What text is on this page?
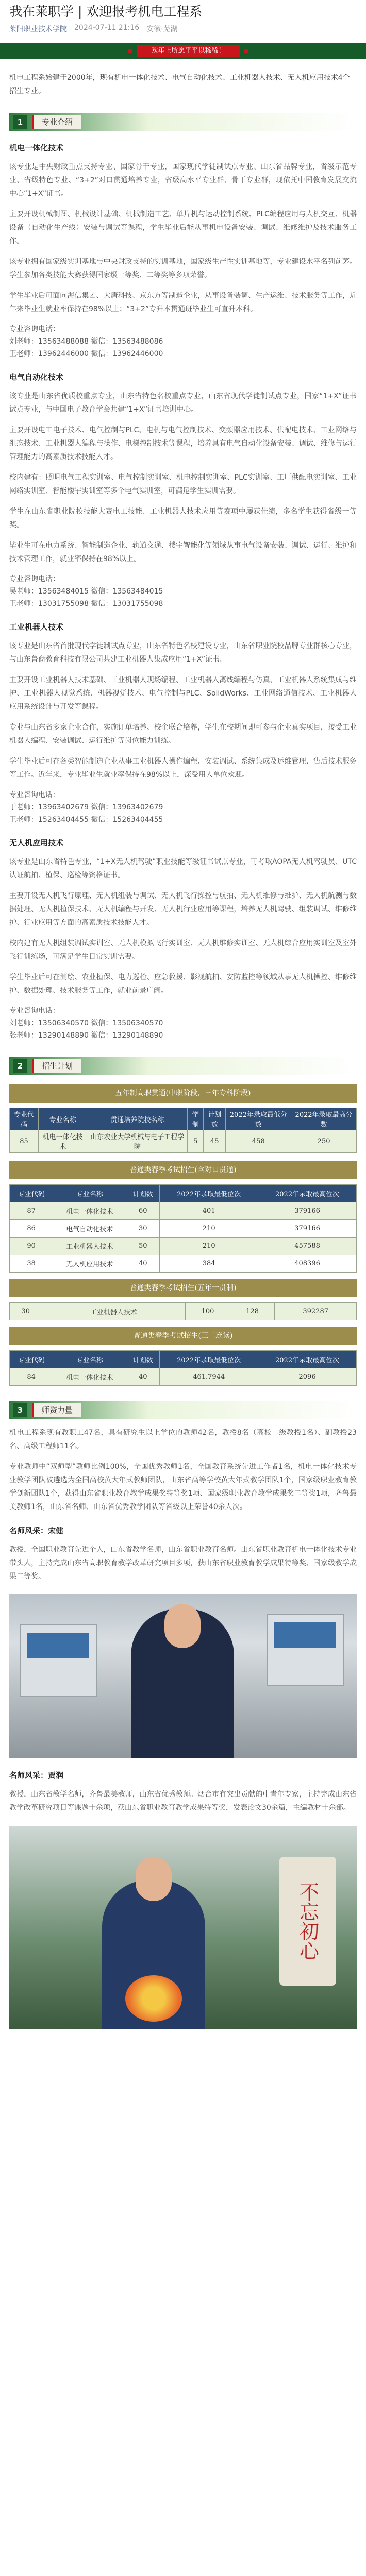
我在莱职学 | 欢迎报考机电工程系
莱阳职业技术学院 2024-07-11 21:16 安徽·芜湖
欢年上所愿平平以稀稀！

机电工程系始建于2000年，现有机电一体化技术、电气自动化技术、工业机器人技术、无人机应用技术4个招生专业。

1	专业介绍
机电一体化技术

该专业是中央财政重点支持专业、国家骨干专业，国家现代学徒制试点专业、山东省品牌专业，省级示范专业、省级特色专业、“3+2”对口贯通培养专业，省级高水平专业群、骨干专业群，现依托中国教育发展交流中心“1+X”证书。

主要开设机械制图、机械设计基础、机械制造工艺、单片机与运动控制系统、PLC编程应用与人机交互、机器设备（自动化生产线）安装与调试等课程，学生毕业后能从事机电设备安装、调试、维修维护及技术服务工作。

该专业拥有国家级实训基地与中央财政支持的实训基地，国家级生产性实训基地等，专业建设水平名列前茅。学生参加各类技能大赛获得国家级一等奖、二等奖等多项荣誉。

学生毕业后可面向海信集团、大唐科技、京东方等制造企业，从事设备装调、生产运维、技术服务等工作，近年来毕业生就业率保持在98%以上；“3+2”专升本贯通班毕业生可直升本科。

专业咨询电话：
刘老师：13563488088 微信：13563488086
王老师：13962446000 微信：13962446000
电气自动化技术

该专业是山东省优质校重点专业，山东省特色名校重点专业，山东省现代学徒制试点专业，国家“1+X”证书试点专业，与中国电子教育学会共建“1+X”证书培训中心。

主要开设电工电子技术、电气控制与PLC、电机与电气控制技术、变频器应用技术、供配电技术、工业网络与组态技术、工业机器人编程与操作、电梯控制技术等课程，培养具有电气自动化设备安装、调试、维修与运行管理能力的高素质技术技能人才。

校内建有：照明电气工程实训室、电气控制实训室、机电控制实训室、PLC实训室、工厂供配电实训室、工业网络实训室、智能楼宇实训室等多个电气实训室，可满足学生实训需要。

学生在山东省职业院校技能大赛电工技能、工业机器人技术应用等赛项中屡获佳绩，多名学生获得省级一等奖。

毕业生可在电力系统、智能制造企业、轨道交通、楼宇智能化等领域从事电气设备安装、调试、运行、维护和技术管理工作，就业率保持在98%以上。

专业咨询电话：
吴老师：13563484015 微信：13563484015
王老师：13031755098 微信：13031755098
工业机器人技术

该专业是山东省首批现代学徒制试点专业，山东省特色名校建设专业，山东省职业院校品牌专业群核心专业，与山东鲁商教育科技有限公司共建工业机器人集成应用“1+X”证书。

主要开设工业机器人技术基础、工业机器人现场编程、工业机器人离线编程与仿真、工业机器人系统集成与维护、工业机器人视觉系统、机器视觉技术、电气控制与PLC、SolidWorks、工业网络通信技术、工业机器人应用系统设计与开发等课程。

专业与山东省多家企业合作，实施订单培养、校企联合培养，学生在校期间即可参与企业真实项目，接受工业机器人编程、安装调试、运行维护等岗位能力训练。

学生毕业后可在各类智能制造企业从事工业机器人操作编程、安装调试、系统集成及运维管理、售后技术服务等工作。近年来，专业毕业生就业率保持在98%以上，深受用人单位欢迎。

专业咨询电话：
于老师：13963402679 微信：13963402679
王老师：15263404455 微信：15263404455
无人机应用技术

该专业是山东省特色专业，“1+X无人机驾驶”职业技能等级证书试点专业，可考取AOPA无人机驾驶员、UTC认证航拍、植保、巡检等资格证书。

主要开设无人机飞行原理、无人机组装与调试、无人机飞行操控与航拍、无人机维修与维护、无人机航测与数据处理、无人机植保技术、无人机编程与开发、无人机行业应用等课程，培养无人机驾驶、组装调试、维修维护、行业应用等方面的高素质技术技能人才。

校内建有无人机组装调试实训室、无人机模拟飞行实训室、无人机维修实训室、无人机综合应用实训室及室外飞行训练场，可满足学生日常实训需要。

学生毕业后可在测绘、农业植保、电力巡检、应急救援、影视航拍、安防监控等领域从事无人机操控、维修维护、数据处理、技术服务等工作，就业前景广阔。

专业咨询电话：
刘老师：13506340570 微信：13506340570
张老师：13290148890 微信：13290148890
2	招生计划
五年制高职贯通(中职阶段，三年专科阶段)
专业代码	专业名称	贯通培养院校名称	学制	计划数	2022年录取最低分数	2022年录取最高分数
85	机电一体化技术	山东农业大学机械与电子工程学院	5	45	458	250
普通类春季考试招生(含对口贯通)
专业代码	专业名称	计划数	2022年录取最低位次	2022年录取最高位次
87	机电一体化技术	60	401	379166
86	电气自动化技术	30	210	379166
90	工业机器人技术	50	210	457588
38	无人机应用技术	40	384	408396
普通类春季考试招生(五年一贯制)
30	工业机器人技术	100	128	392287
普通类春季考试招生(三二连读)
专业代码	专业名称	计划数	2022年录取最低位次	2022年录取最高位次
84	机电一体化技术	40	461.7944	2096
3	师资力量

机电工程系现有教职工47名，具有研究生以上学位的教师42名，教授8名（高校二级教授1名）、副教授23名、高级工程师11名。

专业教师中“双师型”教师比例100%，全国优秀教师1名，全国教育系统先进工作者1名，机电一体化技术专业教学团队被遴选为全国高校黄大年式教师团队，山东省高等学校黄大年式教学团队1个，国家级职业教育教学创新团队1个，获得山东省职业教育教学成果奖特等奖1项、国家级职业教育教学成果奖二等奖1项，齐鲁最美教师1名，山东省名师、山东省优秀教学团队等省级以上荣誉40余人次。

名师风采：宋健

教授，全国职业教育先进个人，山东省教学名师，山东省职业教育名师。山东省职业教育机电一体化技术专业带头人，主持完成山东省高职教育教学改革研究项目多项，获山东省职业教育教学成果特等奖、国家级教学成果二等奖。

名师风采：贾润

教授，山东省教学名师，齐鲁最美教师，山东省优秀教师。烟台市有突出贡献的中青年专家，主持完成山东省教学改革研究项目等课题十余项，获山东省职业教育教学成果特等奖，发表论文30余篇，主编教材十余部。

不忘初心
